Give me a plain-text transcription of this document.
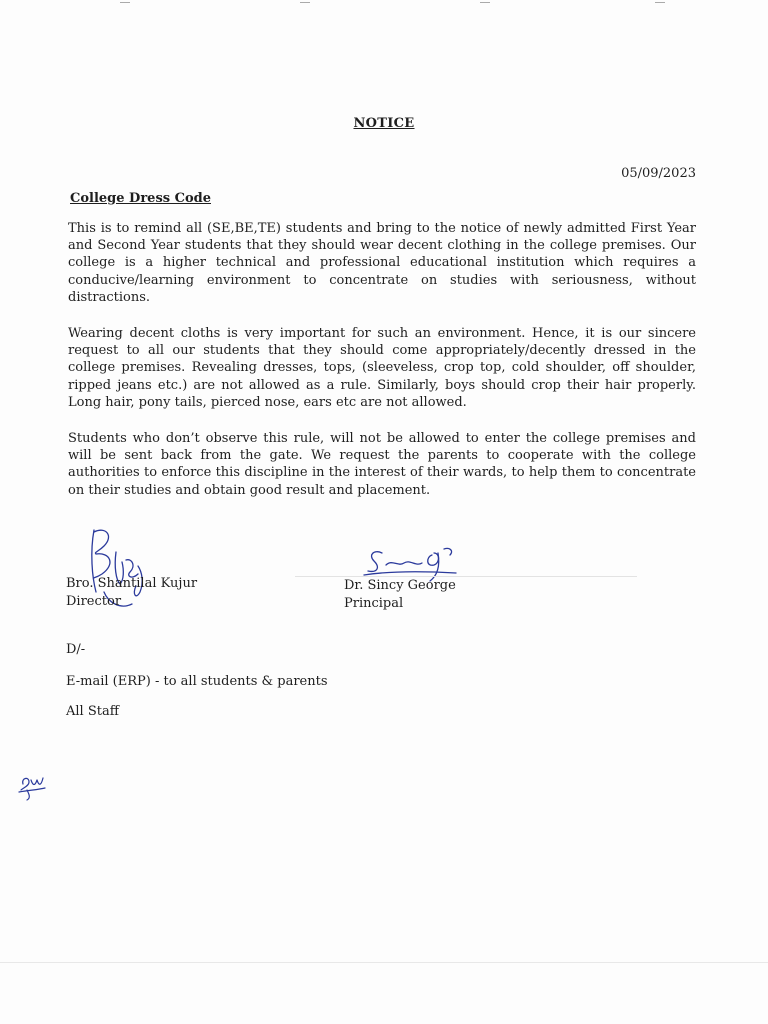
NOTICE
05/09/2023
College Dress Code

This is to remind all (SE,BE,TE) students and bring to the notice of newly admitted First Year and Second Year students that they should wear decent clothing in the college premises. Our college is a higher technical and professional educational institution which requires a conducive/learning environment to concentrate on studies with seriousness, without distractions.

Wearing decent cloths is very important for such an environment. Hence, it is our sincere request to all our students that they should come appropriately/decently dressed in the college premises. Revealing dresses, tops, (sleeveless, crop top, cold shoulder, off shoulder, ripped jeans etc.) are not allowed as a rule. Similarly, boys should crop their hair properly. Long hair, pony tails, pierced nose, ears etc are not allowed.

Students who don’t observe this rule, will not be allowed to enter the college premises and will be sent back from the gate. We request the parents to cooperate with the college authorities to enforce this discipline in the interest of their wards, to help them to concentrate on their studies and obtain good result and placement.

Bro. Shantilal Kujur
Director
Dr. Sincy George
Principal
D/-
E-mail (ERP) - to all students & parents
All Staff
